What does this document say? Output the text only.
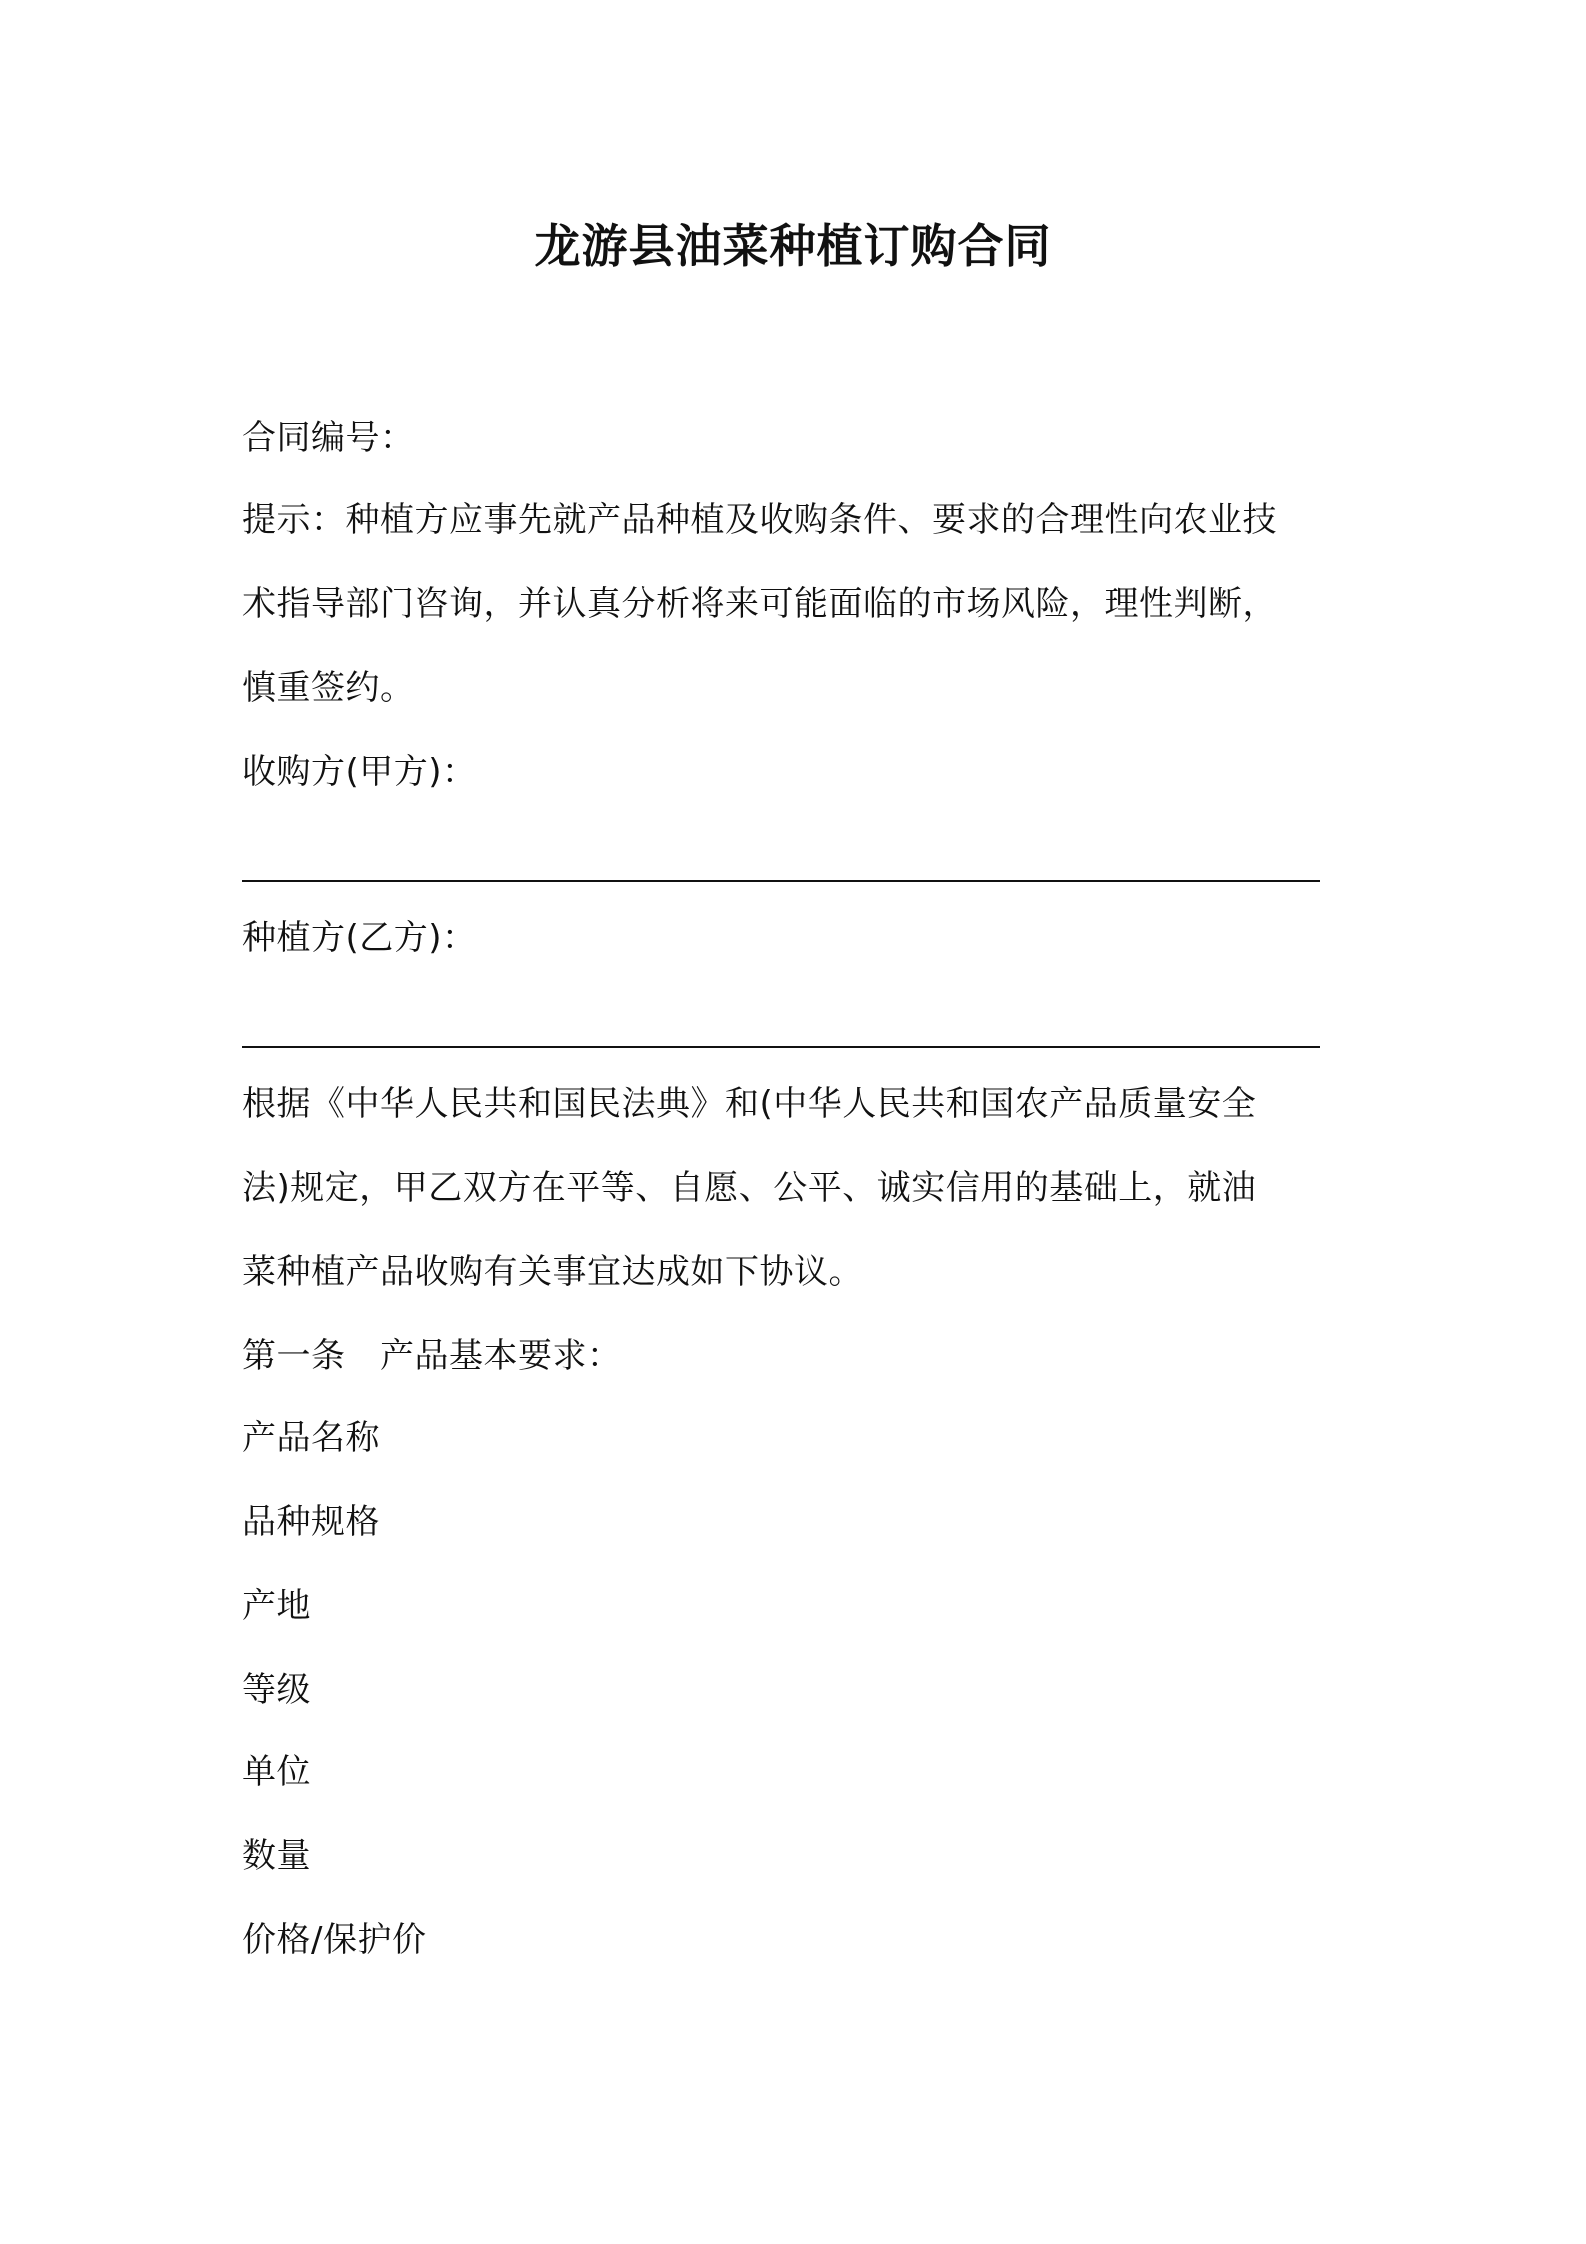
龙游县油菜种植订购合同
合同编号：
提示：种植方应事先就产品种植及收购条件、要求的合理性向农业技
术指导部门咨询，并认真分析将来可能面临的市场风险，理性判断，
慎重签约。
收购方(甲方)：
种植方(乙方)：
根据《中华人民共和国民法典》和(中华人民共和国农产品质量安全
法)规定，甲乙双方在平等、自愿、公平、诚实信用的基础上，就油
菜种植产品收购有关事宜达成如下协议。
第一条　产品基本要求：
产品名称
品种规格
产地
等级
单位
数量
价格/保护价
